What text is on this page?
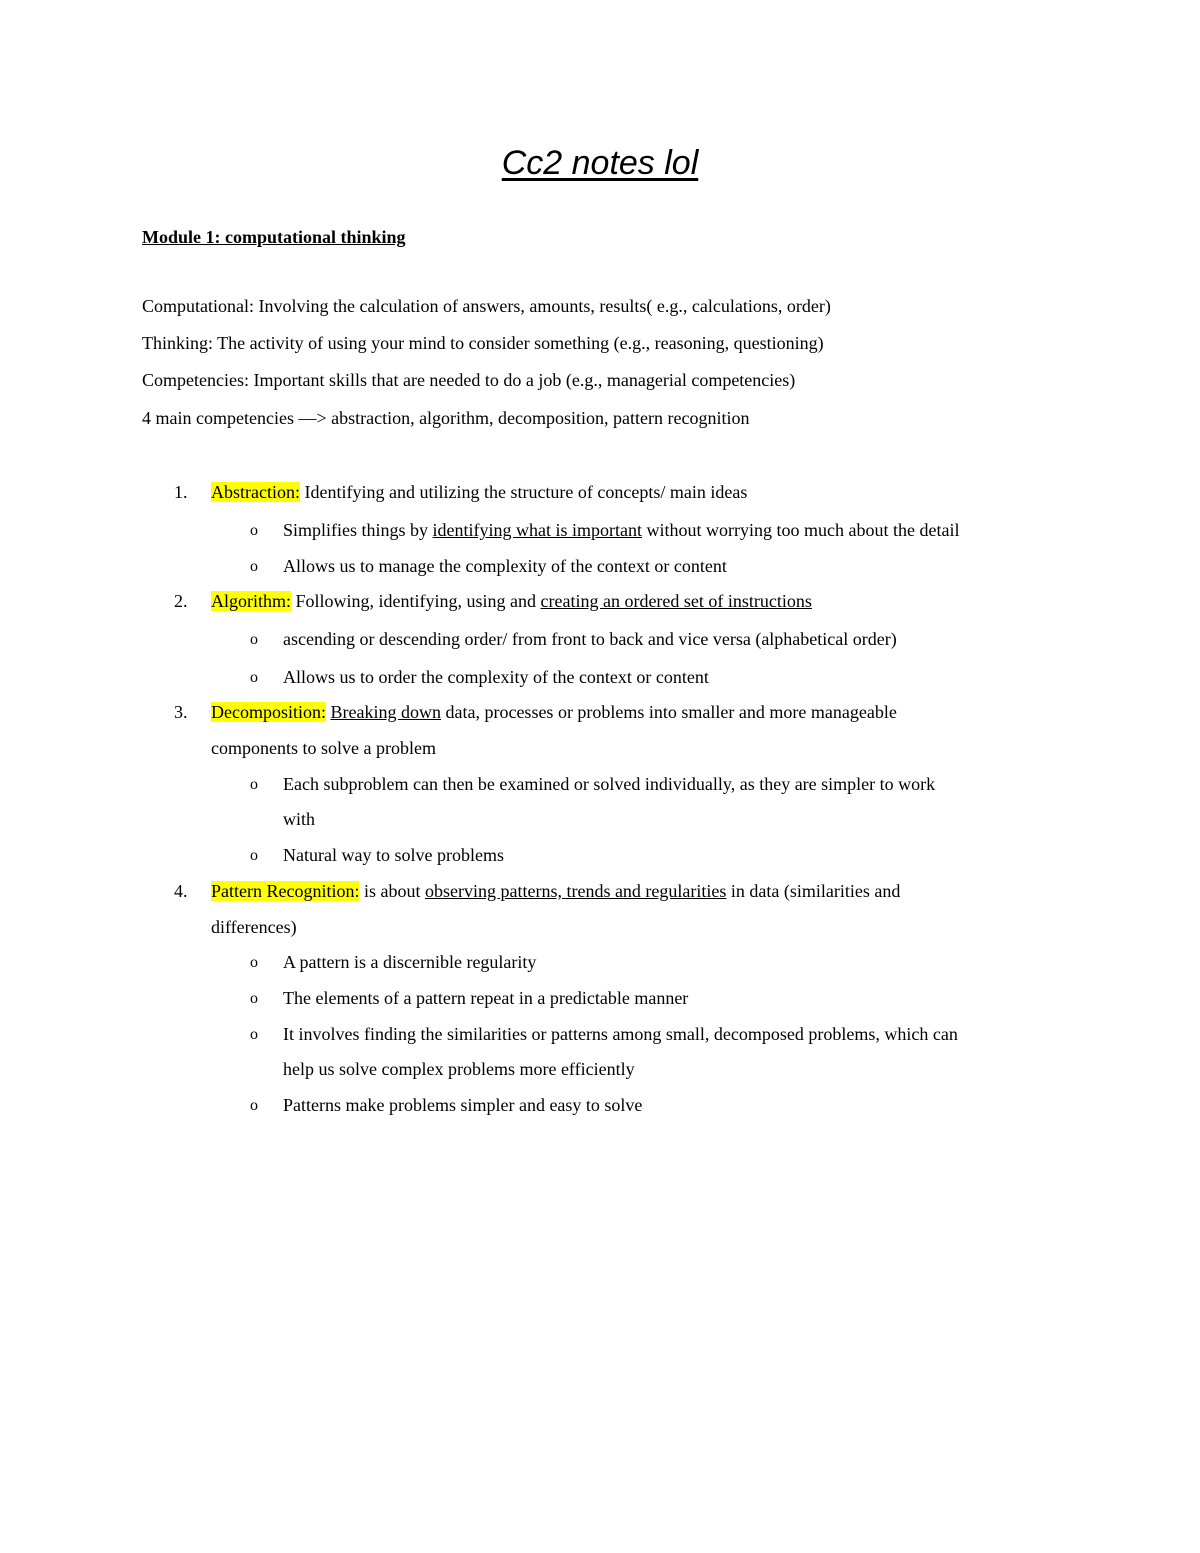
Cc2 notes lol
Module 1: computational thinking
Computational: Involving the calculation of answers, amounts, results( e.g., calculations, order)
Thinking: The activity of using your mind to consider something (e.g., reasoning, questioning)
Competencies: Important skills that are needed to do a job (e.g., managerial competencies)
4 main competencies —> abstraction, algorithm, decomposition, pattern recognition
1. Abstraction: Identifying and utilizing the structure of concepts/ main ideas
o Simplifies things by identifying what is important without worrying too much about the detail
o Allows us to manage the complexity of the context or content
2. Algorithm: Following, identifying, using and creating an ordered set of instructions
o ascending or descending order/ from front to back and vice versa (alphabetical order)
o Allows us to order the complexity of the context or content
3. Decomposition: Breaking down data, processes or problems into smaller and more manageable
components to solve a problem
o Each subproblem can then be examined or solved individually, as they are simpler to work
with
o Natural way to solve problems
4. Pattern Recognition: is about observing patterns, trends and regularities in data (similarities and
differences)
o A pattern is a discernible regularity
o The elements of a pattern repeat in a predictable manner
o It involves finding the similarities or patterns among small, decomposed problems, which can
help us solve complex problems more efficiently
o Patterns make problems simpler and easy to solve
